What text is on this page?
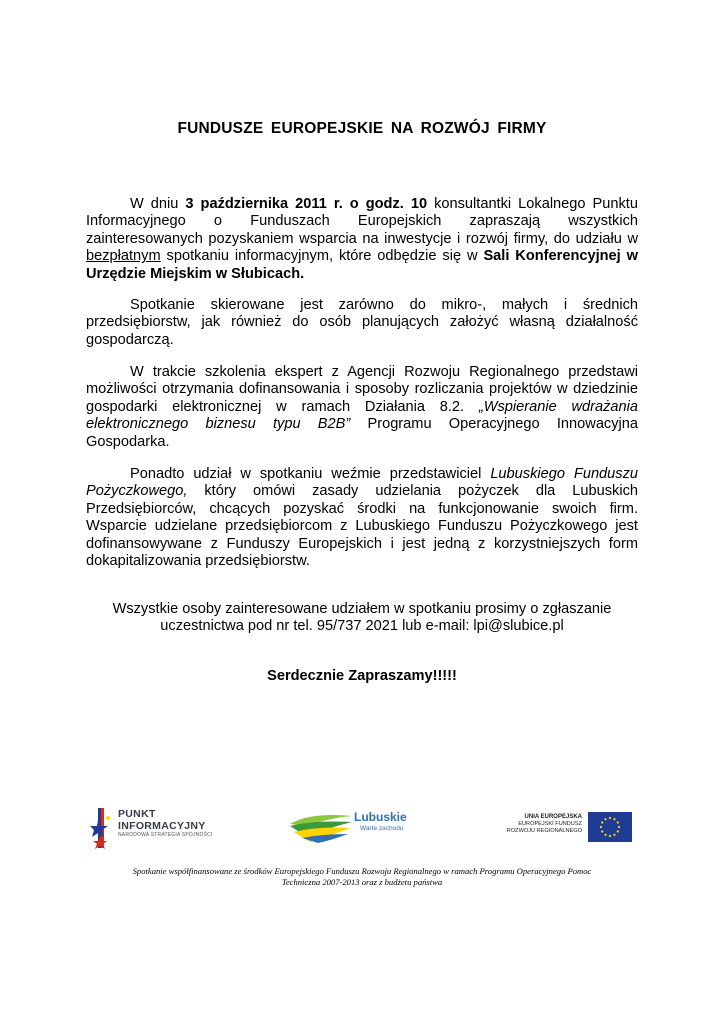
FUNDUSZE EUROPEJSKIE NA ROZWÓJ FIRMY

W dniu 3 października 2011 r. o godz. 10 konsultantki Lokalnego Punktu Informacyjnego o Funduszach Europejskich zapraszają wszystkich zainteresowanych pozyskaniem wsparcia na inwestycje i rozwój firmy, do udziału w bezpłatnym spotkaniu informacyjnym, które odbędzie się w Sali Konferencyjnej w Urzędzie Miejskim w Słubicach.

Spotkanie skierowane jest zarówno do mikro-, małych i średnich przedsiębiorstw, jak również do osób planujących założyć własną działalność gospodarczą.

W trakcie szkolenia ekspert z Agencji Rozwoju Regionalnego przedstawi możliwości otrzymania dofinansowania i sposoby rozliczania projektów w dziedzinie gospodarki elektronicznej w ramach Działania 8.2. „Wspieranie wdrażania elektronicznego biznesu typu B2B” Programu Operacyjnego Innowacyjna Gospodarka.

Ponadto udział w spotkaniu weźmie przedstawiciel Lubuskiego Funduszu Pożyczkowego, który omówi zasady udzielania pożyczek dla Lubuskich Przedsiębiorców, chcących pozyskać środki na funkcjonowanie swoich firm. Wsparcie udzielane przedsiębiorcom z Lubuskiego Funduszu Pożyczkowego jest dofinansowywane z Funduszy Europejskich i jest jedną z korzystniejszych form dokapitalizowania przedsiębiorstw.

Wszystkie osoby zainteresowane udziałem w spotkaniu prosimy o zgłaszanie
uczestnictwa pod nr tel. 95/737 2021 lub e-mail: lpi@slubice.pl
Serdecznie Zapraszamy!!!!!
PUNKT
INFORMACYJNY
NARODOWA STRATEGIA SPÓJNOŚCI
Lubuskie
Warte zachodu
UNIA EUROPEJSKA
EUROPEJSKI FUNDUSZ
ROZWOJU REGIONALNEGO
Spotkanie współfinansowane ze środków Europejskiego Funduszu Rozwoju Regionalnego w ramach Programu Operacyjnego Pomoc
Techniczna 2007-2013 oraz z budżetu państwa
